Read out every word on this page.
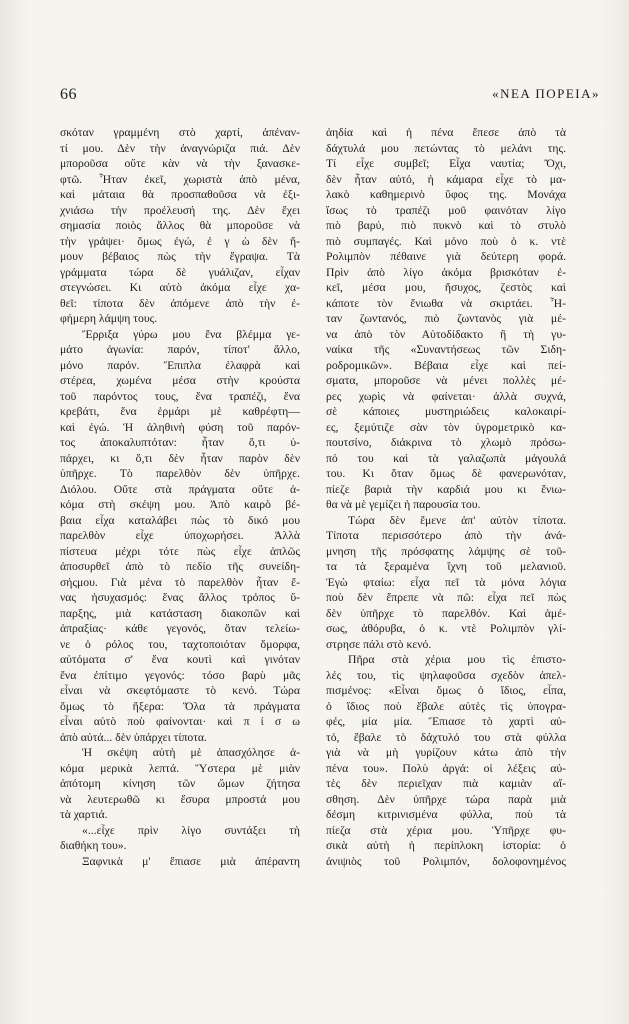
66	«ΝΕΑ ΠΟΡΕΙΑ»
σκόταν γραμμένη στὸ χαρτί, ἀπέναν-
τί μου. Δὲν τὴν ἀναγνώριζα πιά. Δὲν
μποροῦσα οὔτε κὰν νὰ τὴν ξανασκε-
φτῶ. Ἦταν ἐκεῖ, χωριστὰ ἀπὸ μένα,
καὶ μάταια θὰ προσπαθοῦσα νὰ ἐξι-
χνιάσω τὴν προέλευσή της. Δὲν ἔχει
σημασία ποιὸς ἄλλος θὰ μποροῦσε νὰ
τὴν γράψει· ὅμως ἐγώ, ἐ γ ὼ δὲν ἤ-
μουν βέβαιος πὼς τὴν ἔγραψα. Τὰ
γράμματα τώρα δὲ γυάλιζαν, εἶχαν
στεγνώσει. Κι αὐτὸ ἀκόμα εἶχε χα-
θεῖ: τίποτα δὲν ἀπόμενε ἀπὸ τὴν ἐ-
φήμερη λάμψη τους.
Ἔρριξα γύρω μου ἕνα βλέμμα γε-
μάτο ἀγωνία: παρόν, τίποτ' ἄλλο,
μόνο παρόν. Ἔπιπλα ἐλαφρὰ καὶ
στέρεα, χωμένα μέσα στὴν κρούστα
τοῦ παρόντος τους, ἕνα τραπέζι, ἕνα
κρεβάτι, ἕνα ἑρμάρι μὲ καθρέφτη—
καὶ ἐγώ. Ἡ ἀληθινὴ φύση τοῦ παρόν-
τος ἀποκαλυπτόταν: ἦταν ὅ,τι ὑ-
πάρχει, κι ὅ,τι δὲν ἦταν παρὸν δὲν
ὑπῆρχε. Τὸ παρελθὸν δὲν ὑπῆρχε.
Διόλου. Οὔτε στὰ πράγματα οὔτε ἀ-
κόμα στὴ σκέψη μου. Ἀπὸ καιρὸ βέ-
βαια εἶχα καταλάβει πὼς τὸ δικό μου
παρελθὸν εἶχε ὑποχωρήσει. Ἀλλὰ
πίστευα μέχρι τότε πὼς εἶχε ἁπλῶς
ἀποσυρθεῖ ἀπὸ τὸ πεδίο τῆς συνείδη-
σήςμου. Γιὰ μένα τὸ παρελθὸν ἦταν ἕ-
νας ἡσυχασμός: ἕνας ἄλλος τρόπος ὕ-
παρξης, μιὰ κατάσταση διακοπῶν καὶ
ἀπραξίας· κάθε γεγονός, ὅταν τελείω-
νε ὁ ρόλος του, ταχτοποιόταν ὅμορφα,
αὐτόματα σ' ἕνα κουτὶ καὶ γινόταν
ἕνα ἐπίτιμο γεγονός: τόσο βαρὺ μᾶς
εἶναι νὰ σκεφτόμαστε τὸ κενό. Τώρα
ὅμως τὸ ἤξερα: Ὅλα τὰ πράγματα
εἶναι αὐτὸ ποὺ φαίνονται· καὶ π ί σ ω
ἀπὸ αὐτά... δὲν ὑπάρχει τίποτα.
Ἡ σκέψη αὐτὴ μὲ ἀπασχόλησε ἀ-
κόμα μερικὰ λεπτά. Ὕστερα μὲ μιὰν
ἀπότομη κίνηση τῶν ὤμων ζήτησα
νὰ λευτερωθῶ κι ἔσυρα μπροστά μου
τὰ χαρτιά.
«...εἶχε πρὶν λίγο συντάξει τὴ
διαθήκη του».
Ξαφνικὰ μ' ἔπιασε μιὰ ἀπέραντη
ἀηδία καὶ ἡ πένα ἔπεσε ἀπὸ τὰ
δάχτυλά μου πετώντας τὸ μελάνι της.
Τί εἶχε συμβεῖ; Εἶχα ναυτία; Ὄχι,
δὲν ἦταν αὐτό, ἡ κάμαρα εἶχε τὸ μα-
λακὸ καθημερινὸ ὕφος της. Μονάχα
ἴσως τὸ τραπέζι μοῦ φαινόταν λίγο
πιὸ βαρύ, πιὸ πυκνὸ καὶ τὸ στυλὸ
πιὸ συμπαγές. Καὶ μόνο ποὺ ὁ κ. ντὲ
Ρολιμπὸν πέθαινε γιὰ δεύτερη φορά.
Πρὶν ἀπὸ λίγο ἀκόμα βρισκόταν ἐ-
κεῖ, μέσα μου, ἥσυχος, ζεστὸς καὶ
κάποτε τὸν ἔνιωθα νὰ σκιρτάει. Ἦ-
ταν ζωντανός, πιὸ ζωντανὸς γιὰ μέ-
να ἀπὸ τὸν Αὐτοδίδακτο ἢ τὴ γυ-
ναίκα τῆς «Συναντήσεως τῶν Σιδη-
ροδρομικῶν». Βέβαια εἶχε καὶ πεί-
σματα, μποροῦσε νὰ μένει πολλὲς μέ-
ρες χωρὶς νὰ φαίνεται· ἀλλὰ συχνά,
σὲ κάποιες μυστηριώδεις καλοκαιρί-
ες, ξεμύτιζε σὰν τὸν ὑγρομετρικὸ κα-
πουτσίνο, διάκρινα τὸ χλωμὸ πρόσω-
πό του καὶ τὰ γαλαζωπὰ μάγουλά
του. Κι ὅταν ὅμως δὲ φανερωνόταν,
πίεζε βαριὰ τὴν καρδιά μου κι ἔνιω-
θα νὰ μὲ γεμίζει ἡ παρουσία του.
Τώρα δὲν ἔμενε ἀπ' αὐτὸν τίποτα.
Τίποτα περισσότερο ἀπὸ τὴν ἀνά-
μνηση τῆς πρόσφατης λάμψης σὲ τοῦ-
τα τὰ ξεραμένα ἴχνη τοῦ μελανιοῦ.
Ἐγὼ φταίω: εἶχα πεῖ τὰ μόνα λόγια
ποὺ δὲν ἔπρεπε νὰ πῶ: εἶχα πεῖ πὼς
δὲν ὑπῆρχε τὸ παρελθόν. Καὶ ἀμέ-
σως, ἀθόρυβα, ὁ κ. ντὲ Ρολιμπὸν γλί-
στρησε πάλι στὸ κενό.
Πῆρα στὰ χέρια μου τὶς ἐπιστο-
λές του, τὶς ψηλαφοῦσα σχεδὸν ἀπελ-
πισμένος: «Εἶναι ὅμως ὁ ἴδιος, εἶπα,
ὁ ἴδιος ποὺ ἔβαλε αὐτὲς τὶς ὑπογρα-
φές, μία μία. Ἔπιασε τὸ χαρτὶ αὐ-
τό, ἔβαλε τὸ δάχτυλό του στὰ φύλλα
γιὰ νὰ μὴ γυρίζουν κάτω ἀπὸ τὴν
πένα του». Πολὺ ἀργά: οἱ λέξεις αὐ-
τὲς δὲν περιεῖχαν πιὰ καμιὰν αἴ-
σθηση. Δὲν ὑπῆρχε τώρα παρὰ μιὰ
δέσμη κιτρινισμένα φύλλα, ποὺ τὰ
πίεζα στὰ χέρια μου. Ὑπῆρχε φυ-
σικὰ αὐτὴ ἡ περίπλοκη ἱστορία: ὁ
ἀνιψιὸς τοῦ Ρολιμπόν, δολοφονημένος
